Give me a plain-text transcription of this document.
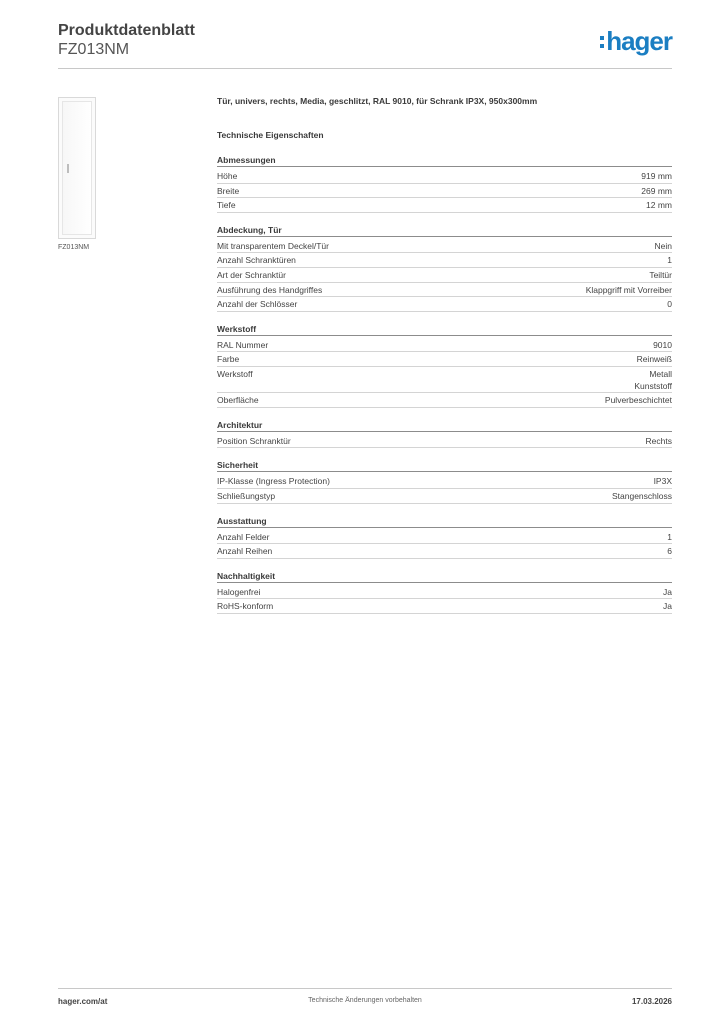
Produktdatenblatt
FZ013NM	hager
FZ013NM
Tür, univers, rechts, Media, geschlitzt, RAL 9010, für Schrank IP3X, 950x300mm
Technische Eigenschaften
Abmessungen
Höhe	919 mm
Breite	269 mm
Tiefe	12 mm
Abdeckung, Tür
Mit transparentem Deckel/Tür	Nein
Anzahl Schranktüren	1
Art der Schranktür	Teiltür
Ausführung des Handgriffes	Klappgriff mit Vorreiber
Anzahl der Schlösser	0
Werkstoff
RAL Nummer	9010
Farbe	Reinweiß
Werkstoff	Metall
Kunststoff
Oberfläche	Pulverbeschichtet
Architektur
Position Schranktür	Rechts
Sicherheit
IP-Klasse (Ingress Protection)	IP3X
Schließungstyp	Stangenschloss
Ausstattung
Anzahl Felder	1
Anzahl Reihen	6
Nachhaltigkeit
Halogenfrei	Ja
RoHS-konform	Ja
Technische Änderungen vorbehalten
hager.com/at	17.03.2026
